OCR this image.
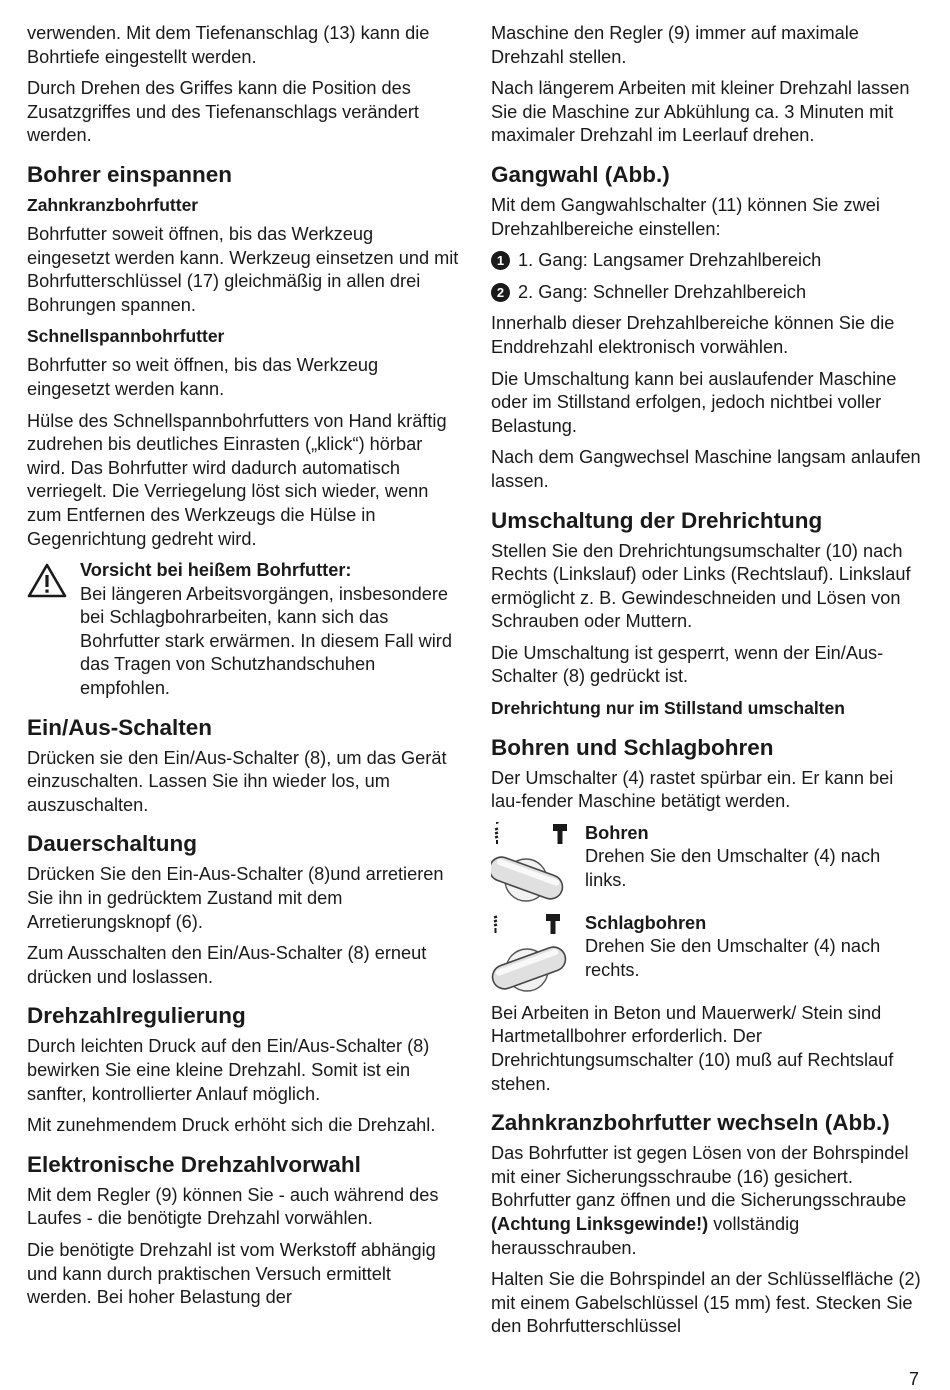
verwenden. Mit dem Tiefenanschlag (13) kann die Bohrtiefe eingestellt werden.

Durch Drehen des Griffes kann die Position des Zusatzgriffes und des Tiefenanschlags verändert werden.

Bohrer einspannen
Zahnkranzbohrfutter

Bohrfutter soweit öffnen, bis das Werkzeug eingesetzt werden kann. Werkzeug einsetzen und mit Bohrfutterschlüssel (17) gleichmäßig in allen drei Bohrungen spannen.

Schnellspannbohrfutter

Bohrfutter so weit öffnen, bis das Werkzeug eingesetzt werden kann.

Hülse des Schnellspannbohrfutters von Hand kräftig zudrehen bis deutliches Einrasten („klick“) hörbar wird. Das Bohrfutter wird dadurch automatisch verriegelt. Die Verriegelung löst sich wieder, wenn zum Entfernen des Werkzeugs die Hülse in Gegenrichtung gedreht wird.

Vorsicht bei heißem Bohrfutter:

Bei längeren Arbeitsvorgängen, insbesondere bei Schlagbohrarbeiten, kann sich das Bohrfutter stark erwärmen. In diesem Fall wird das Tragen von Schutzhandschuhen empfohlen.

Ein/Aus-Schalten

Drücken sie den Ein/Aus-Schalter (8), um das Gerät einzuschalten. Lassen Sie ihn wieder los, um auszuschalten.

Dauerschaltung

Drücken Sie den Ein-Aus-Schalter (8)und arretieren Sie ihn in gedrücktem Zustand mit dem Arretierungsknopf (6).

Zum Ausschalten den Ein/Aus-Schalter (8) erneut drücken und loslassen.

Drehzahlregulierung

Durch leichten Druck auf den Ein/Aus-Schalter (8) bewirken Sie eine kleine Drehzahl. Somit ist ein sanfter, kontrollierter Anlauf möglich.

Mit zunehmendem Druck erhöht sich die Drehzahl.

Elektronische Drehzahlvorwahl

Mit dem Regler (9) können Sie - auch während des Laufes - die benötigte Drehzahl vorwählen.

Die benötigte Drehzahl ist vom Werkstoff abhängig und kann durch praktischen Versuch ermittelt werden. Bei hoher Belastung der

Maschine den Regler (9) immer auf maximale Drehzahl stellen.

Nach längerem Arbeiten mit kleiner Drehzahl lassen Sie die Maschine zur Abkühlung ca. 3 Minuten mit maximaler Drehzahl im Leerlauf drehen.

Gangwahl (Abb.)

Mit dem Gangwahlschalter (11) können Sie zwei Drehzahlbereiche einstellen:

1 1. Gang: Langsamer Drehzahlbereich
2 2. Gang: Schneller Drehzahlbereich

Innerhalb dieser Drehzahlbereiche können Sie die Enddrehzahl elektronisch vorwählen.

Die Umschaltung kann bei auslaufender Maschine oder im Stillstand erfolgen, jedoch nichtbei voller Belastung.

Nach dem Gangwechsel Maschine langsam anlaufen lassen.

Umschaltung der Drehrichtung

Stellen Sie den Drehrichtungsumschalter (10) nach Rechts (Linkslauf) oder Links (Rechtslauf). Linkslauf ermöglicht z. B. Gewindeschneiden und Lösen von Schrauben oder Muttern.

Die Umschaltung ist gesperrt, wenn der Ein/Aus-Schalter (8) gedrückt ist.

Drehrichtung nur im Stillstand umschalten

Bohren und Schlagbohren

Der Umschalter (4) rastet spürbar ein. Er kann bei lau-fender Maschine betätigt werden.

Bohren

Drehen Sie den Umschalter (4) nach links.

Schlagbohren

Drehen Sie den Umschalter (4) nach rechts.

Bei Arbeiten in Beton und Mauerwerk/ Stein sind Hartmetallbohrer erforderlich. Der Drehrichtungsumschalter (10) muß auf Rechtslauf stehen.

Zahnkranzbohrfutter wechseln (Abb.)

Das Bohrfutter ist gegen Lösen von der Bohrspindel mit einer Sicherungsschraube (16) gesichert. Bohrfutter ganz öffnen und die Sicherungsschraube (Achtung Linksgewinde!) vollständig herausschrauben.

Halten Sie die Bohrspindel an der Schlüsselfläche (2) mit einem Gabelschlüssel (15 mm) fest. Stecken Sie den Bohrfutterschlüssel

7
